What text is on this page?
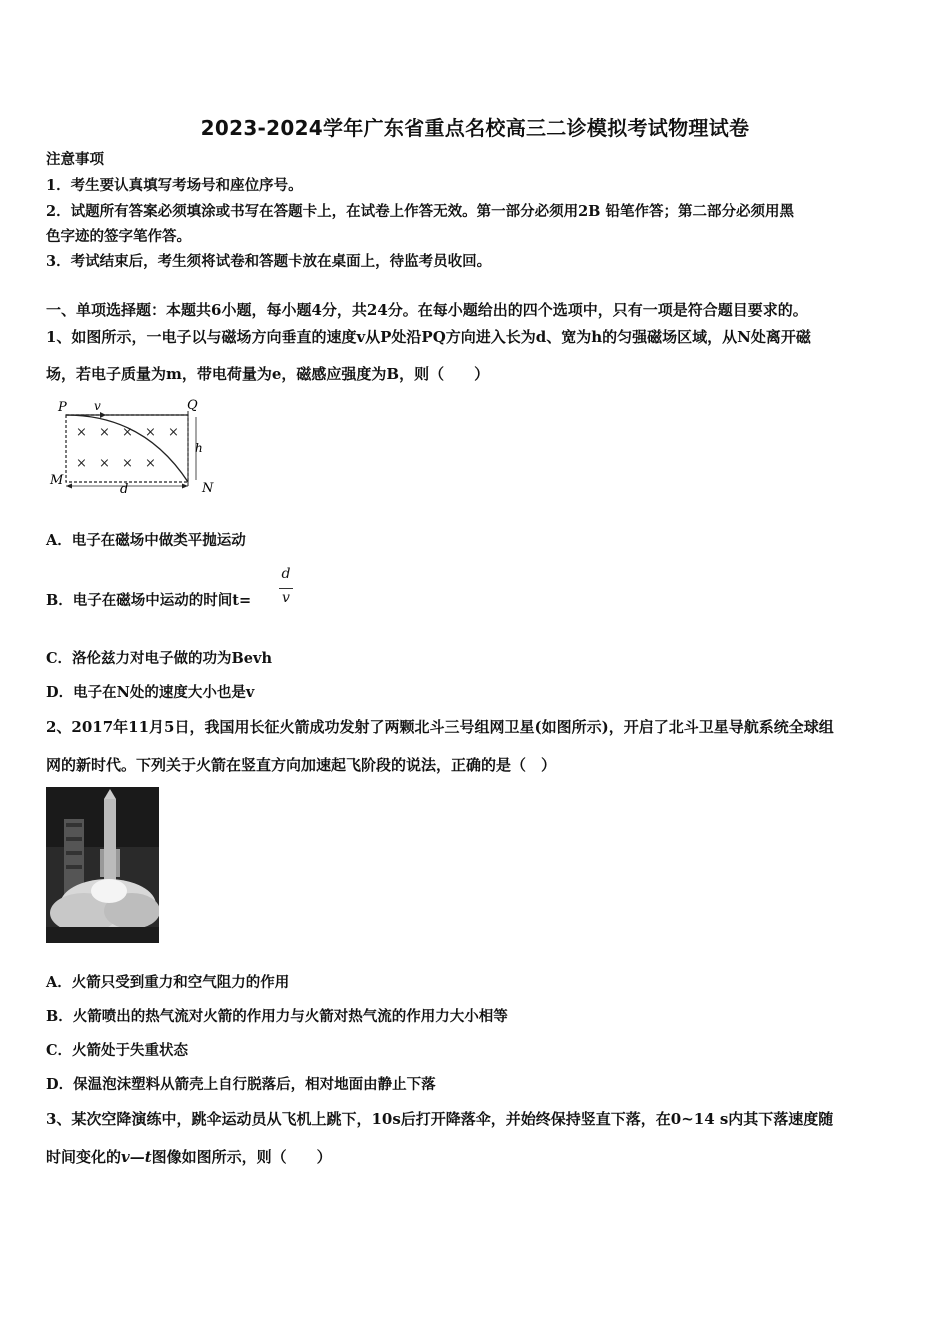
2023-2024学年广东省重点名校高三二诊模拟考试物理试卷
注意事项
1．考生要认真填写考场号和座位序号。
2．试题所有答案必须填涂或书写在答题卡上，在试卷上作答无效。第一部分必须用2B 铅笔作答；第二部分必须用黑
色字迹的签字笔作答。
3．考试结束后，考生须将试卷和答题卡放在桌面上，待监考员收回。
一、单项选择题：本题共6小题，每小题4分，共24分。在每小题给出的四个选项中，只有一项是符合题目要求的。
1、如图所示，一电子以与磁场方向垂直的速度v从P处沿PQ方向进入长为d、宽为h的匀强磁场区域，从N处离开磁
场，若电子质量为m，带电荷量为e，磁感应强度为B，则（　　）
P v	Q
h
M
d	N
× × × × ×
× × × ×
A．电子在磁场中做类平抛运动
B．电子在磁场中运动的时间t=
d
v
C．洛伦兹力对电子做的功为Bevh
D．电子在N处的速度大小也是v
2、2017年11月5日，我国用长征火箭成功发射了两颗北斗三号组网卫星(如图所示)，开启了北斗卫星导航系统全球组
网的新时代。下列关于火箭在竖直方向加速起飞阶段的说法，正确的是（　）
A．火箭只受到重力和空气阻力的作用
B．火箭喷出的热气流对火箭的作用力与火箭对热气流的作用力大小相等
C．火箭处于失重状态
D．保温泡沫塑料从箭壳上自行脱落后，相对地面由静止下落
3、某次空降演练中，跳伞运动员从飞机上跳下，10s后打开降落伞，并始终保持竖直下落，在0~14 s内其下落速度随
时间变化的v—t图像如图所示，则（　　）
